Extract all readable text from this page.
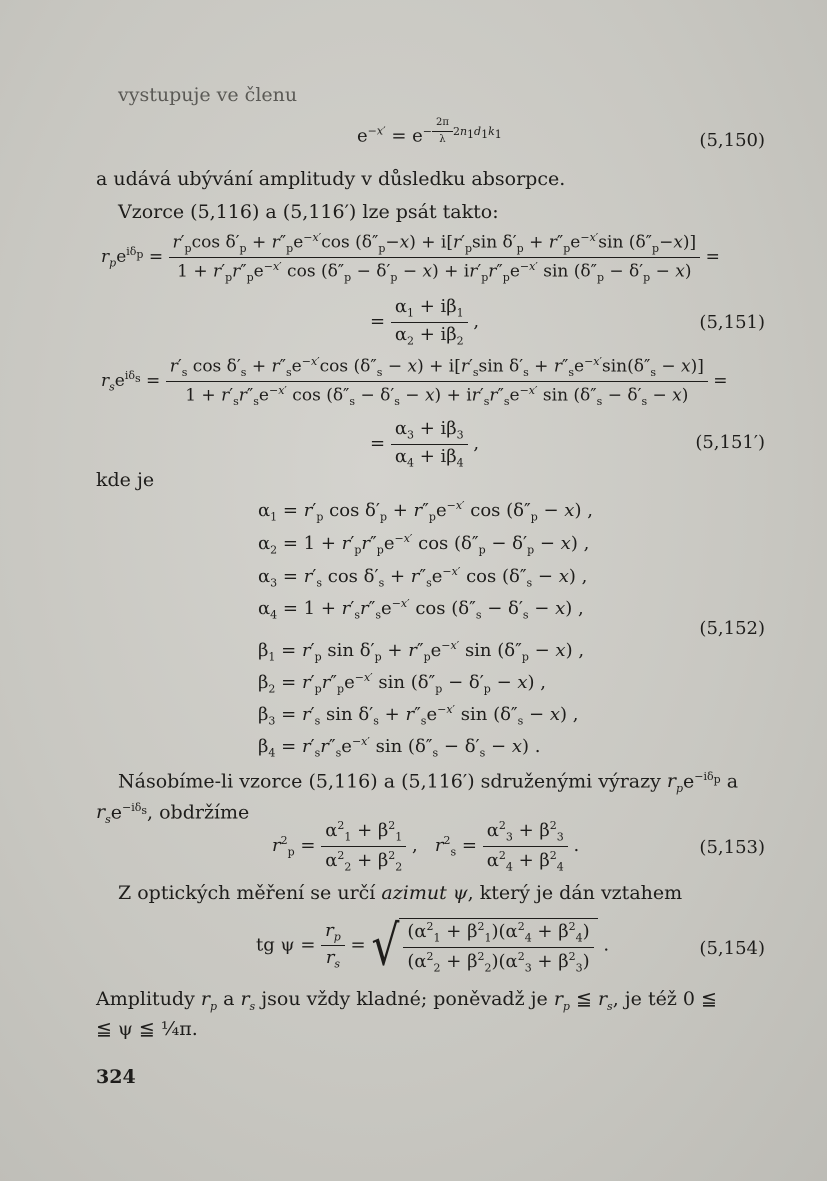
vystupuje ve členu
$e^{-x'} = e^{- \frac{2\pi}{\lambda} 2n_1d_1k_1}$	(5,150)
a udává ubývání amplitudy v důsledku absorpce.
Vzorce (5,116) a (5,116′) lze psát takto:
$r_pe^{i\delta_p}$ =
$r'_p\cos$ $\delta'_p + r''_pe^{-x'}\cos$ $(\delta''_p-x) + i[r'_p\sin$ $\delta'_p + r''_pe^{-x'}\sin$ $(\delta''_p-x)$]
$1 + r'_pr''_pe^{-x'}$ $\cos (\delta''_p - \delta'_p - x) + ir'_pr''_pe^{-x'}$ $\sin (\delta''_p - \delta'_p - x)$
=
= $\frac{\alpha_1 + i\beta_1}{\alpha_2 + i\beta_2}$ ,	(5,151)
$r_se^{i\delta_s}$ =
$r'_s$ $\cos \delta'_s + r''_se^{-x'}\cos$ $(\delta''_s - x) + i[r'_s\sin$ $\delta'_s + r''_se^{-x'}\sin(\delta''_s - x)$]
$1 + r'_sr''_se^{-x'}$ $\cos (\delta''_s - \delta'_s - x) + ir'_sr''_se^{-x'}$ $\sin (\delta''_s - \delta'_s - x)$
=
= $\frac{\alpha_3 + i\beta_3}{\alpha_4 + i\beta_4}$ ,	(5,151′)
kde je
$\alpha_1 = r'_p$ $\cos \delta'_p + r''_pe^{-x'}$ $\cos (\delta''_p - x)$ ,
$\alpha_2 = 1 + r'_pr''_pe^{-x'}$ $\cos (\delta''_p - \delta'_p - x)$ ,
$\alpha_3 = r'_s$ $\cos \delta'_s + r''_se^{-x'}$ $\cos (\delta''_s - x)$ ,
$\alpha_4 = 1 + r'_sr''_se^{-x'}$ $\cos (\delta''_s - \delta'_s - x)$ ,
$\beta_1 = r'_p$ $\sin \delta'_p + r''_pe^{-x'}$ $\sin (\delta''_p - x)$ ,
$\beta_2 = r'_pr''_pe^{-x'}$ $\sin (\delta''_p - \delta'_p - x)$ ,
$\beta_3 = r'_s$ $\sin \delta'_s + r''_se^{-x'}$ $\sin (\delta''_s - x)$ ,
$\beta_4 = r'_sr''_se^{-x'}$ $\sin (\delta''_s - \delta'_s - x)$ .
(5,152)
Násobíme-li vzorce (5,116) a (5,116′) sdruženými výrazy $r_pe^{-i\delta_p}$ a
$r_se^{-i\delta_s}$, obdržíme
$r^2_p = \frac{\alpha^2_1 + \beta^2_1}{\alpha^2_2 + \beta^2_2}$ ,   $r^2_s = \frac{\alpha^2_3 + \beta^2_3}{\alpha^2_4 + \beta^2_4}$ .	(5,153)
Z optických měření se určí azimut ψ, který je dán vztahem
tg $\psi = \frac{r_p}{r_s}$ = √ $\frac{(\alpha^2_1 + \beta^2_1)(\alpha^2_4 + \beta^2_4)}{(\alpha^2_2 + \beta^2_2)(\alpha^2_3 + \beta^2_3)}$ .	(5,154)
Amplitudy $r_p$ a $r_s$ jsou vždy kladné; poněvadž je $r_p$ ≦ $r_s$, je též 0 ≦
≦ ψ ≦ ¼π.
324
